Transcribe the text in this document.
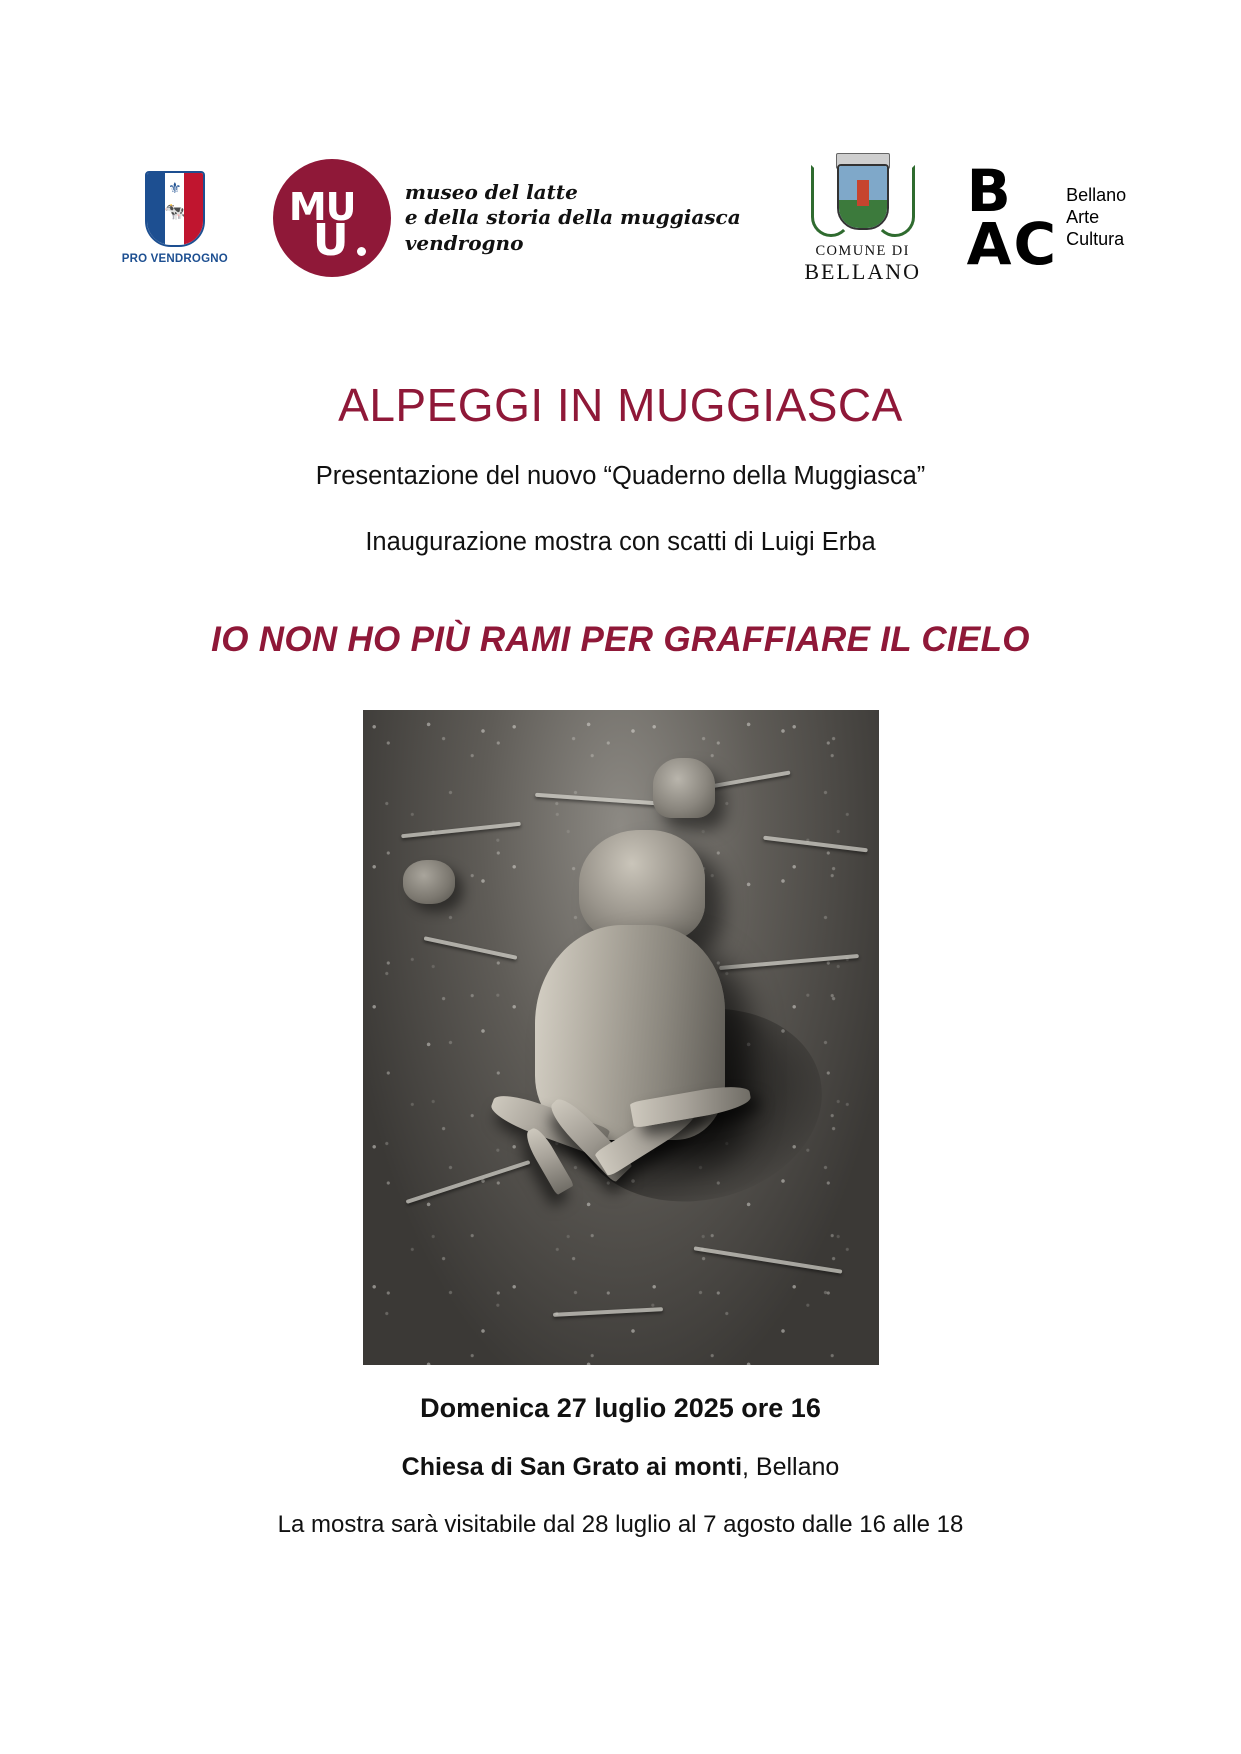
⚜
🐄
PRO VENDROGNO
MU
U
museo del latte
e della storia della muggiasca
vendrogno	COMUNE DI
BELLANO
B
AC
Bellano
Arte
Cultura
ALPEGGI IN MUGGIASCA
Presentazione del nuovo “Quaderno della Muggiasca”
Inaugurazione mostra con scatti di Luigi Erba
IO NON HO PIÙ RAMI PER GRAFFIARE IL CIELO
Domenica 27 luglio 2025 ore 16
Chiesa di San Grato ai monti, Bellano
La mostra sarà visitabile dal 28 luglio al 7 agosto dalle 16 alle 18
